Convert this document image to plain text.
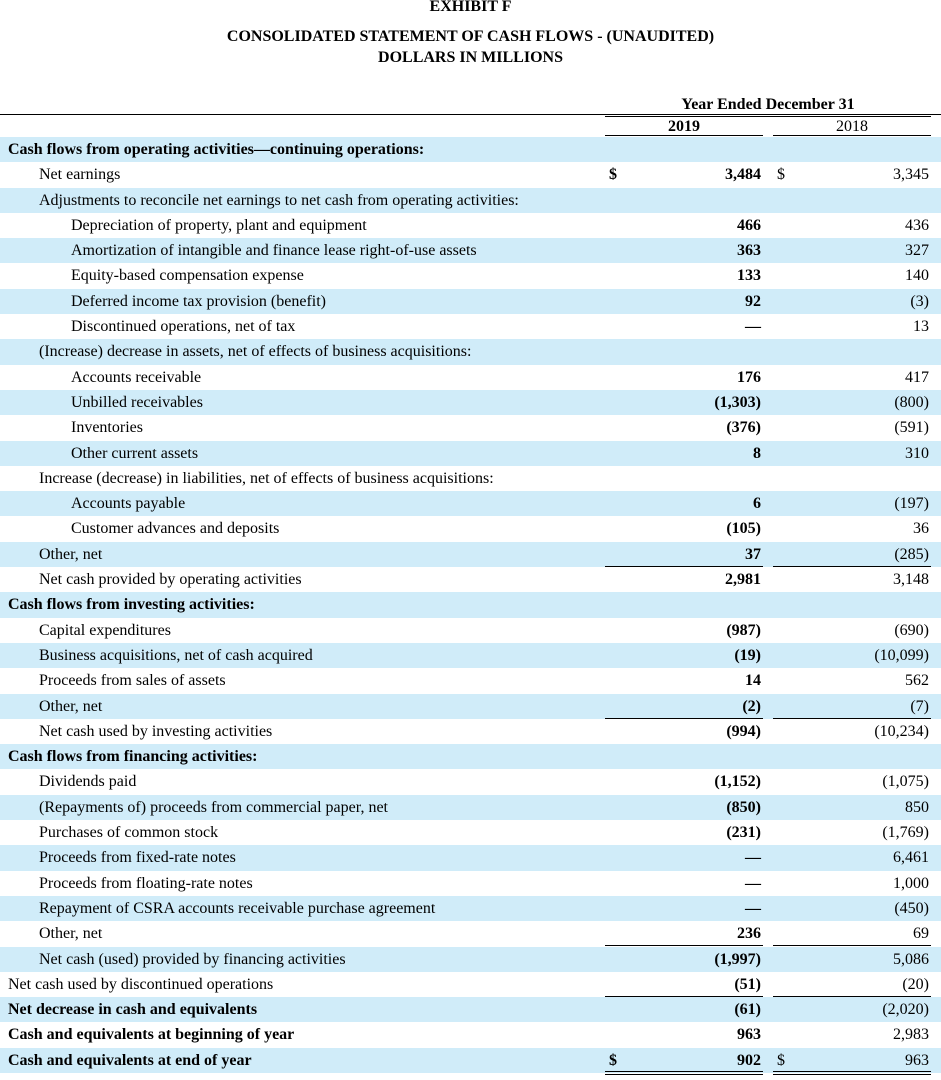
EXHIBIT F
CONSOLIDATED STATEMENT OF CASH FLOWS - (UNAUDITED)
DOLLARS IN MILLIONS
Year Ended December 31
2019	2018
Cash flows from operating activities—continuing operations:
Net earnings	$	3,484 $	3,345
Adjustments to reconcile net earnings to net cash from operating activities:
Depreciation of property, plant and equipment	466	436
Amortization of intangible and finance lease right-of-use assets	363	327
Equity-based compensation expense	133	140
Deferred income tax provision (benefit)	92	(3)
Discontinued operations, net of tax	—	13
(Increase) decrease in assets, net of effects of business acquisitions:
Accounts receivable	176	417
Unbilled receivables	(1,303)	(800)
Inventories	(376)	(591)
Other current assets	8	310
Increase (decrease) in liabilities, net of effects of business acquisitions:
Accounts payable	6	(197)
Customer advances and deposits	(105)	36
Other, net	37	(285)
Net cash provided by operating activities	2,981	3,148
Cash flows from investing activities:
Capital expenditures	(987)	(690)
Business acquisitions, net of cash acquired	(19)	(10,099)
Proceeds from sales of assets	14	562
Other, net	(2)	(7)
Net cash used by investing activities	(994)	(10,234)
Cash flows from financing activities:
Dividends paid	(1,152)	(1,075)
(Repayments of) proceeds from commercial paper, net	(850)	850
Purchases of common stock	(231)	(1,769)
Proceeds from fixed-rate notes	—	6,461
Proceeds from floating-rate notes	—	1,000
Repayment of CSRA accounts receivable purchase agreement	—	(450)
Other, net	236	69
Net cash (used) provided by financing activities	(1,997)	5,086
Net cash used by discontinued operations	(51)	(20)
Net decrease in cash and equivalents	(61)	(2,020)
Cash and equivalents at beginning of year	963	2,983
Cash and equivalents at end of year	$	902 $	963
